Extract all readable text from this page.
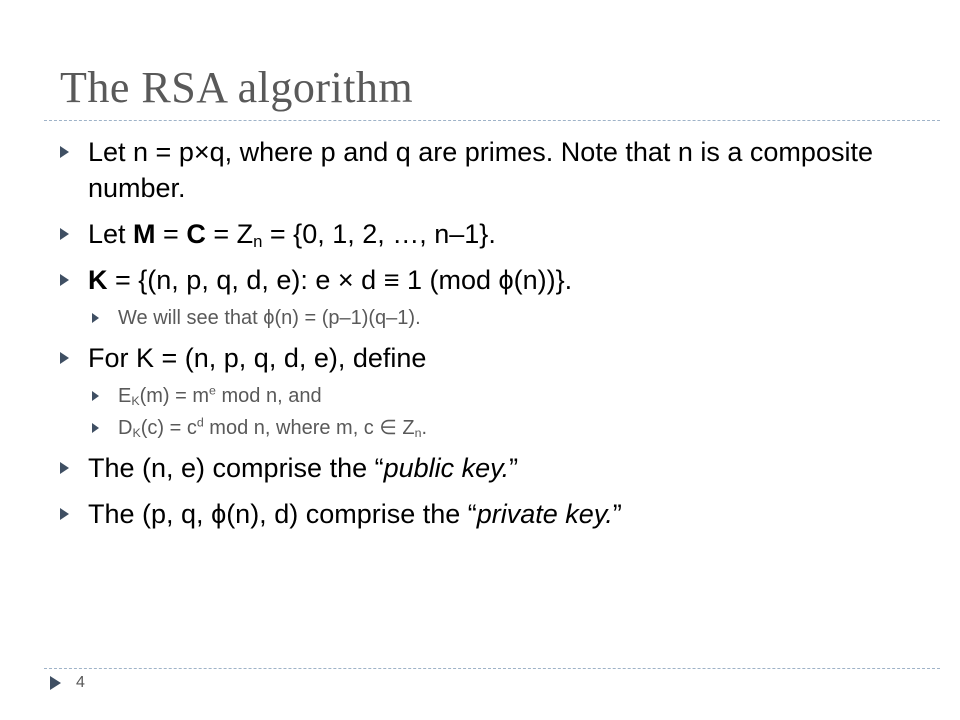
The RSA algorithm
Let n = p×q, where p and q are primes. Note that n is a composite number.
Let $M = C = Z_n = \{0$, 1, 2, …, n–1}.
K = {(n, p, q, d, e): e × d ≡ 1 (mod ϕ(n))}.
We will see that ϕ(n) = (p–1)(q–1).
For K = (n, p, q, d, e), define
$E_K(m) = m^e$ mod n, and
$D_K(c) = c^d$ mod n, where m, c ∈ $Z_n$.
The (n, e) comprise the “public key.”
The (p, q, ϕ(n), d) comprise the “private key.”
4
